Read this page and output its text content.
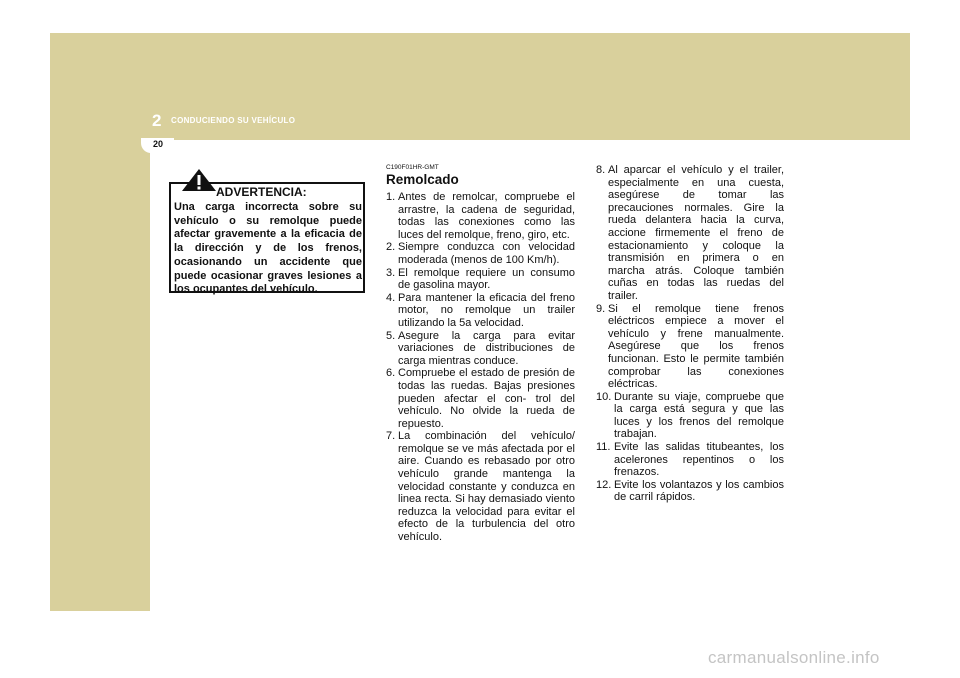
2 CONDUCIENDO SU VEHÍCULO
20
ADVERTENCIA:
Una carga incorrecta sobre su vehículo o su remolque puede afectar gravemente a la eficacia de la dirección y de los frenos, ocasionando un accidente que puede ocasionar graves lesiones a los ocupantes del vehículo.
C190F01HR-GMT
Remolcado
1. Antes de remolcar, compruebe el arrastre, la cadena de seguridad, todas las conexiones como las luces del remolque, freno, giro, etc.
2. Siempre conduzca con velocidad moderada (menos de 100 Km/h).
3. El remolque requiere un consumo de gasolina mayor.
4. Para mantener la eficacia del freno motor, no remolque un trailer utilizando la 5a velocidad.
5. Asegure la carga para evitar variaciones de distribuciones de carga mientras conduce.
6. Compruebe el estado de presión de todas las ruedas. Bajas presiones pueden afectar el con- trol del vehículo. No olvide la rueda de repuesto.
7. La combinación del vehículo/ remolque se ve más afectada por el aire. Cuando es rebasado por otro vehículo grande mantenga la velocidad constante y conduzca en linea recta. Si hay demasiado viento reduzca la velocidad para evitar el efecto de la turbulencia del otro vehículo.
8. Al aparcar el vehículo y el trailer, especialmente en una cuesta, asegúrese de tomar las precauciones normales. Gire la rueda delantera hacia la curva, accione firmemente el freno de estacionamiento y coloque la transmisión en primera o en marcha atrás. Coloque también cuñas en todas las ruedas del trailer.
9. Si el remolque tiene frenos eléctricos empiece a mover el vehículo y frene manualmente. Asegúrese que los frenos funcionan. Esto le permite también comprobar las conexiones eléctricas.
10. Durante su viaje, compruebe que la carga está segura y que las luces y los frenos del remolque trabajan.
11. Evite las salidas titubeantes, los acelerones repentinos o los frenazos.
12. Evite los volantazos y los cambios de carril rápidos.
carmanualsonline.info
